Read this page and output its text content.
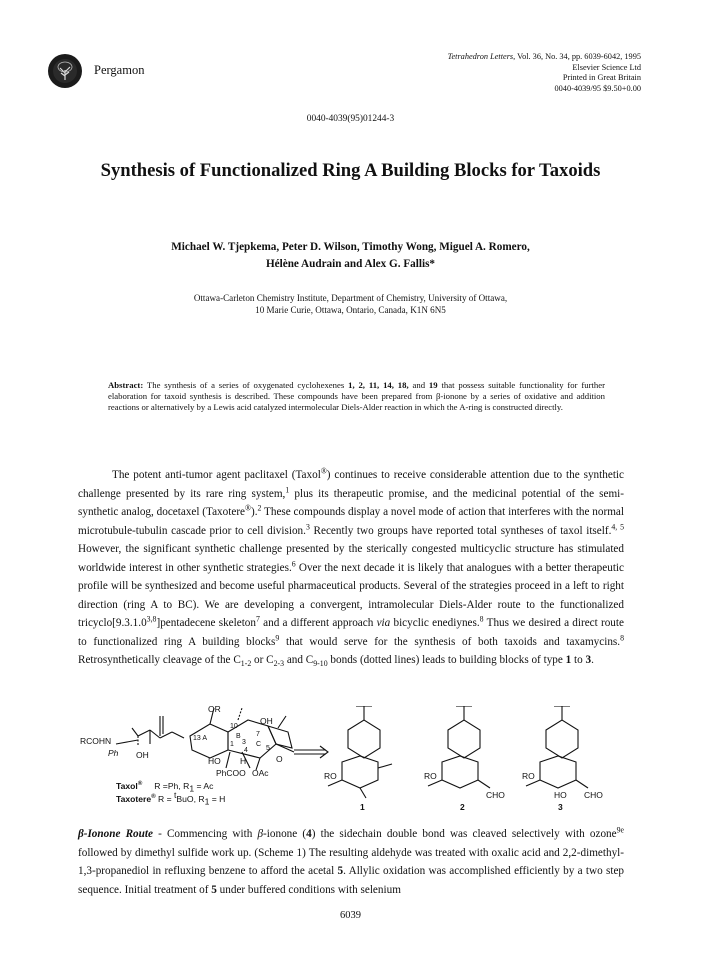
Pergamon
Tetrahedron Letters, Vol. 36, No. 34, pp. 6039-6042, 1995
Elsevier Science Ltd
Printed in Great Britain
0040-4039/95 $9.50+0.00
0040-4039(95)01244-3
Synthesis of Functionalized Ring A Building Blocks for Taxoids
Michael W. Tjepkema, Peter D. Wilson, Timothy Wong, Miguel A. Romero,
Hélène Audrain and Alex G. Fallis*
Ottawa-Carleton Chemistry Institute, Department of Chemistry, University of Ottawa,
10 Marie Curie, Ottawa, Ontario, Canada, K1N 6N5
Abstract: The synthesis of a series of oxygenated cyclohexenes 1, 2, 11, 14, 18, and 19 that possess suitable functionality for further elaboration for taxoid synthesis is described. These compounds have been prepared from β-ionone by a series of oxidative and addition reactions or alternatively by a Lewis acid catalyzed intermolecular Diels-Alder reaction in which the A-ring is constructed directly.
The potent anti-tumor agent paclitaxel (Taxol®) continues to receive considerable attention due to the synthetic challenge presented by its rare ring system,$^1$ plus its therapeutic promise, and the medicinal potential of the semi-synthetic analog, docetaxel (Taxotere®).$^2$ These compounds display a novel mode of action that interferes with the normal microtubule-tubulin cascade prior to cell division.$^3$ Recently two groups have reported total syntheses of taxol itself.$^{4, 5}$ However, the significant synthetic challenge presented by the sterically congested multicyclic structure has stimulated worldwide interest in other synthetic strategies.$^6$ Over the next decade it is likely that analogues with a better therapeutic profile will be synthesized and become useful pharmaceutical products. Several of the strategies proceed in a left to right direction (ring A to BC). We are developing a convergent, intramolecular Diels-Alder route to the functionalized tricyclo[9.3.1.0$^{3,8}$]pentadecene skeleton$^7$ and a different approach via bicyclic enediynes.$^8$ Thus we desired a direct route to functionalized ring A building blocks$^9$ that would serve for the synthesis of both taxoids and taxamycins.$^8$ Retrosynthetically cleavage of the $C_{1-2}$ or $C_{2-3}$ and $C_{9-10}$ bonds (dotted lines) leads to building blocks of type 1 to 3.
RCOHN
Ph OH
OR
OH
O
HO H
PhCOO OAc
13 A	B
C
10
7
5
3
4
1
RO	RO	RO
CHO	CHO
HO
1	2	3
Taxol® R =Ph, $R_1 = Ac$
Taxotere® R = $^t$BuO, $R_1 = H$
β-Ionone Route - Commencing with β-ionone (4) the sidechain double bond was cleaved selectively with ozone$^{9e}$ followed by dimethyl sulfide work up. (Scheme 1) The resulting aldehyde was treated with oxalic acid and 2,2-dimethyl-1,3-propanediol in refluxing benzene to afford the acetal 5. Allylic oxidation was accomplished efficiently by a two step sequence. Initial treatment of 5 under buffered conditions with selenium
6039
